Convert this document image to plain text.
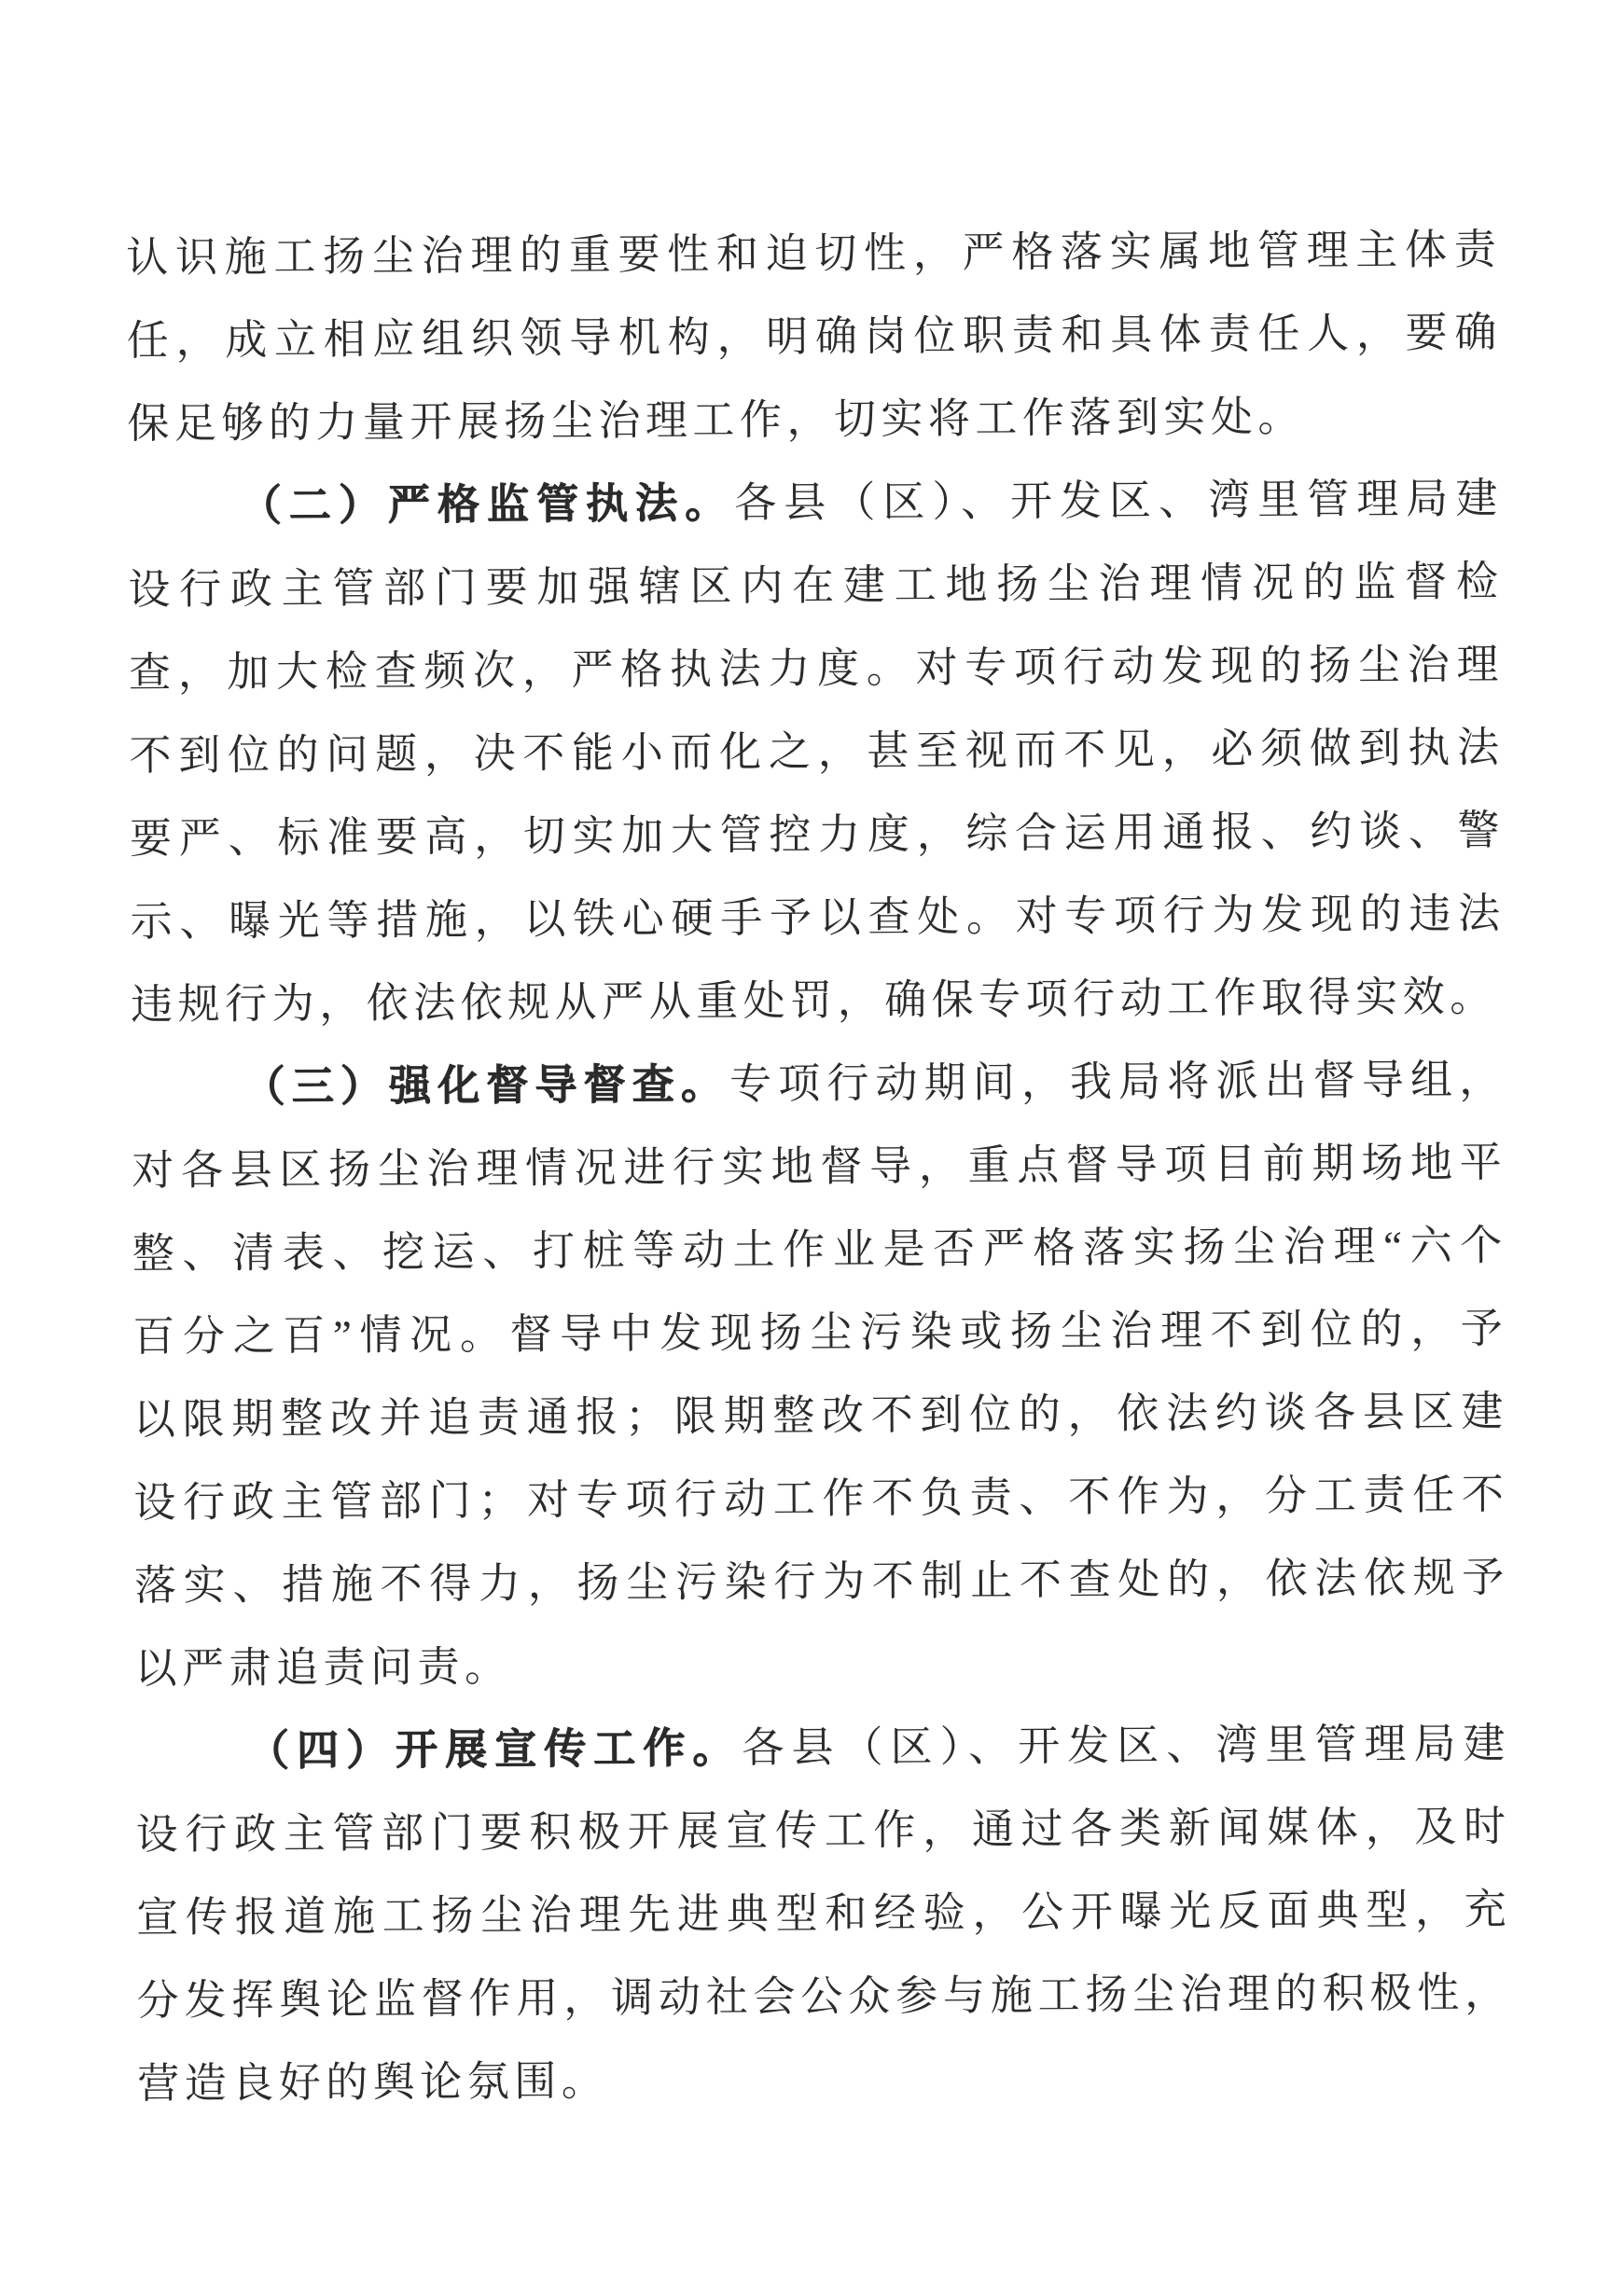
认识施工扬尘治理的重要性和迫切性，严格落实属地管理主体责
任，成立相应组织领导机构，明确岗位职责和具体责任人，要确
保足够的力量开展扬尘治理工作，切实将工作落到实处。
（二）严格监管执法。各县（区）、开发区、湾里管理局建
设行政主管部门要加强辖区内在建工地扬尘治理情况的监督检
查，加大检查频次，严格执法力度。对专项行动发现的扬尘治理
不到位的问题，决不能小而化之，甚至视而不见，必须做到执法
要严、标准要高，切实加大管控力度，综合运用通报、约谈、警
示、曝光等措施，以铁心硬手予以查处。对专项行为发现的违法
违规行为，依法依规从严从重处罚，确保专项行动工作取得实效。
（三）强化督导督查。专项行动期间，我局将派出督导组，
对各县区扬尘治理情况进行实地督导，重点督导项目前期场地平
整、清表、挖运、打桩等动土作业是否严格落实扬尘治理“六个
百分之百”情况。督导中发现扬尘污染或扬尘治理不到位的，予
以限期整改并追责通报；限期整改不到位的，依法约谈各县区建
设行政主管部门；对专项行动工作不负责、不作为，分工责任不
落实、措施不得力，扬尘污染行为不制止不查处的，依法依规予
以严肃追责问责。
（四）开展宣传工作。各县（区）、开发区、湾里管理局建
设行政主管部门要积极开展宣传工作，通过各类新闻媒体，及时
宣传报道施工扬尘治理先进典型和经验，公开曝光反面典型，充
分发挥舆论监督作用，调动社会公众参与施工扬尘治理的积极性，
营造良好的舆论氛围。
